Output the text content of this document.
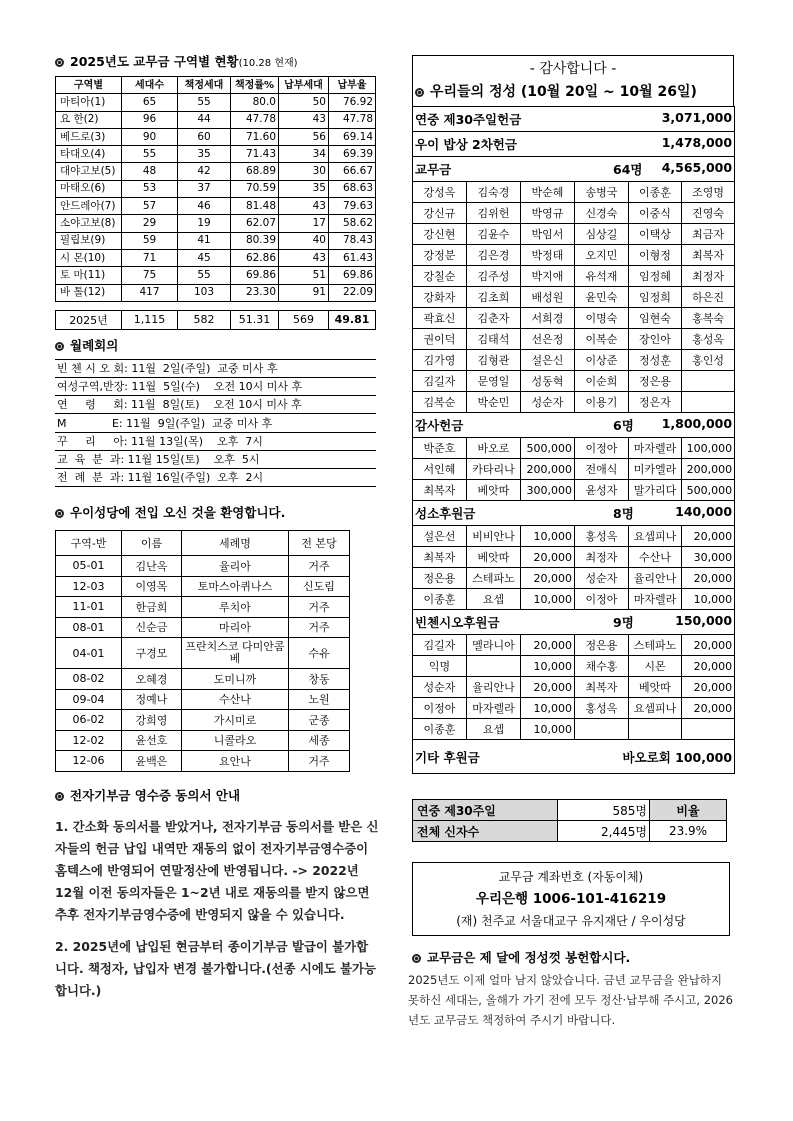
2025년도 교무금 구역별 현황(10.28 현재)
구역별	세대수	책정세대	책정률%	납부세대	납부율
마티아(1)	65	55	80.0	50	76.92
요 한(2)	96	44	47.78	43	47.78
베드로(3)	90	60	71.60	56	69.14
타대오(4)	55	35	71.43	34	69.39
대야고보(5)	48	42	68.89	30	66.67
마태오(6)	53	37	70.59	35	68.63
안드레아(7)	57	46	81.48	43	79.63
소야고보(8)	29	19	62.07	17	58.62
필립보(9)	59	41	80.39	40	78.43
시 몬(10)	71	45	62.86	43	61.43
토 마(11)	75	55	69.86	51	69.86
바 톨(12)	417	103	23.30	91	22.09
2025년	1,115	582	51.31	569	49.81
월례회의
빈 첸 시 오 회: 11월  2일(주일)  교중 미사 후
여성구역,반장: 11월  5일(수)    오전 10시 미사 후
연     령     회: 11월  8일(토)    오전 10시 미사 후
M             E: 11월  9일(주일)  교중 미사 후
꾸     리     아: 11월 13일(목)    오후  7시
교  육  분  과: 11월 15일(토)    오후  5시
전  례  분  과: 11월 16일(주일)  오후  2시
우이성당에 전입 오신 것을 환영합니다.
구역-반	이름	세례명	전 본당
05-01	김난옥	율리아	거주
12-03	이영목	토마스아퀴나스	신도림
11-01	한금희	루치아	거주
08-01	신순금	마리아	거주
04-01	구경모	프란치스코 다미안콤베	수유
08-02	오혜경	도미니까	창동
09-04	정예나	수산나	노원
06-02	강희영	가시미로	군종
12-02	윤선호	니콜라오	세종
12-06	윤백은	요안나	거주
전자기부금 영수증 동의서 안내

1. 간소화 동의서를 받았거나, 전자기부금 동의서를 받은 신자들의 헌금 납입 내역만 재동의 없이 전자기부금영수증이 홈텍스에 반영되어 연말정산에 반영됩니다. -> 2022년 12월 이전 동의자들은 1~2년 내로 재동의를 받지 않으면 추후 전자기부금영수증에 반영되지 않을 수 있습니다.

2. 2025년에 납입된 현금부터 종이기부금 발급이 불가합니다. 책정자, 납입자 변경 불가합니다.(선종 시에도 불가능합니다.)

- 감사합니다 -
우리들의 정성 (10월 20일 ~ 10월 26일)
연중 제30주일헌금 3,071,000					

우이 밥상 2차헌금 1,478,000					

교무금 64명 4,565,000					

강성옥	김숙경	박순혜	송병국	이종훈	조영명
강신규	김위헌	박영규	신경숙	이중식	진영숙
강신현	김윤수	박임서	심상길	이택상	최금자
강정분	김은경	박정태	오지민	이형정	최복자
강칠순	김주성	박지애	유석재	임정혜	최정자
강화자	김초희	배성원	윤민숙	임정희	하은진
곽효신	김춘자	서희경	이명숙	임현숙	홍복숙
권이덕	김태석	선은정	이복순	장인아	홍성옥
김가영	김형관	설은신	이상준	정성훈	홍인성
김길자	문영일	성동혁	이순희	정은용	
김복순	박순민	성순자	이용기	정은자	
감사헌금 6명 1,800,000					

박준호	바오로	500,000	이정아	마자렐라	100,000
서인혜	카타리나	200,000	전애식	미카엘라	200,000
최복자	베앗따	300,000	윤성자	말가리다	500,000
성소후원금 8명 140,000					

설은선	비비안나	10,000	홍성옥	요셉피나	20,000
최복자	베앗따	20,000	최정자	수산나	30,000
정은용	스테파노	20,000	성순자	율리안나	20,000
이종훈	요셉	10,000	이정아	마자렐라	10,000
빈첸시오후원금 9명 150,000					

김길자	멜라니아	20,000	정은용	스테파노	20,000
익명		10,000	채수홍	시몬	20,000
성순자	율리안나	20,000	최복자	베앗따	20,000
이정아	마자렐라	10,000	홍성옥	요셉피나	20,000
이종훈	요셉	10,000			
기타 후원금 바오로회 100,000					
연중 제30주일	585명	비율
전체 신자수	2,445명	23.9%
교무금 계좌번호 (자동이체)
우리은행 1006-101-416219
(재) 천주교 서울대교구 유지재단 / 우이성당
교무금은 제 달에 정성껏 봉헌합시다.

2025년도 이제 얼마 남지 않았습니다. 금년 교무금을 완납하지 못하신 세대는, 올해가 가기 전에 모두 정산·납부해 주시고, 2026년도 교무금도 책정하여 주시기 바랍니다.
